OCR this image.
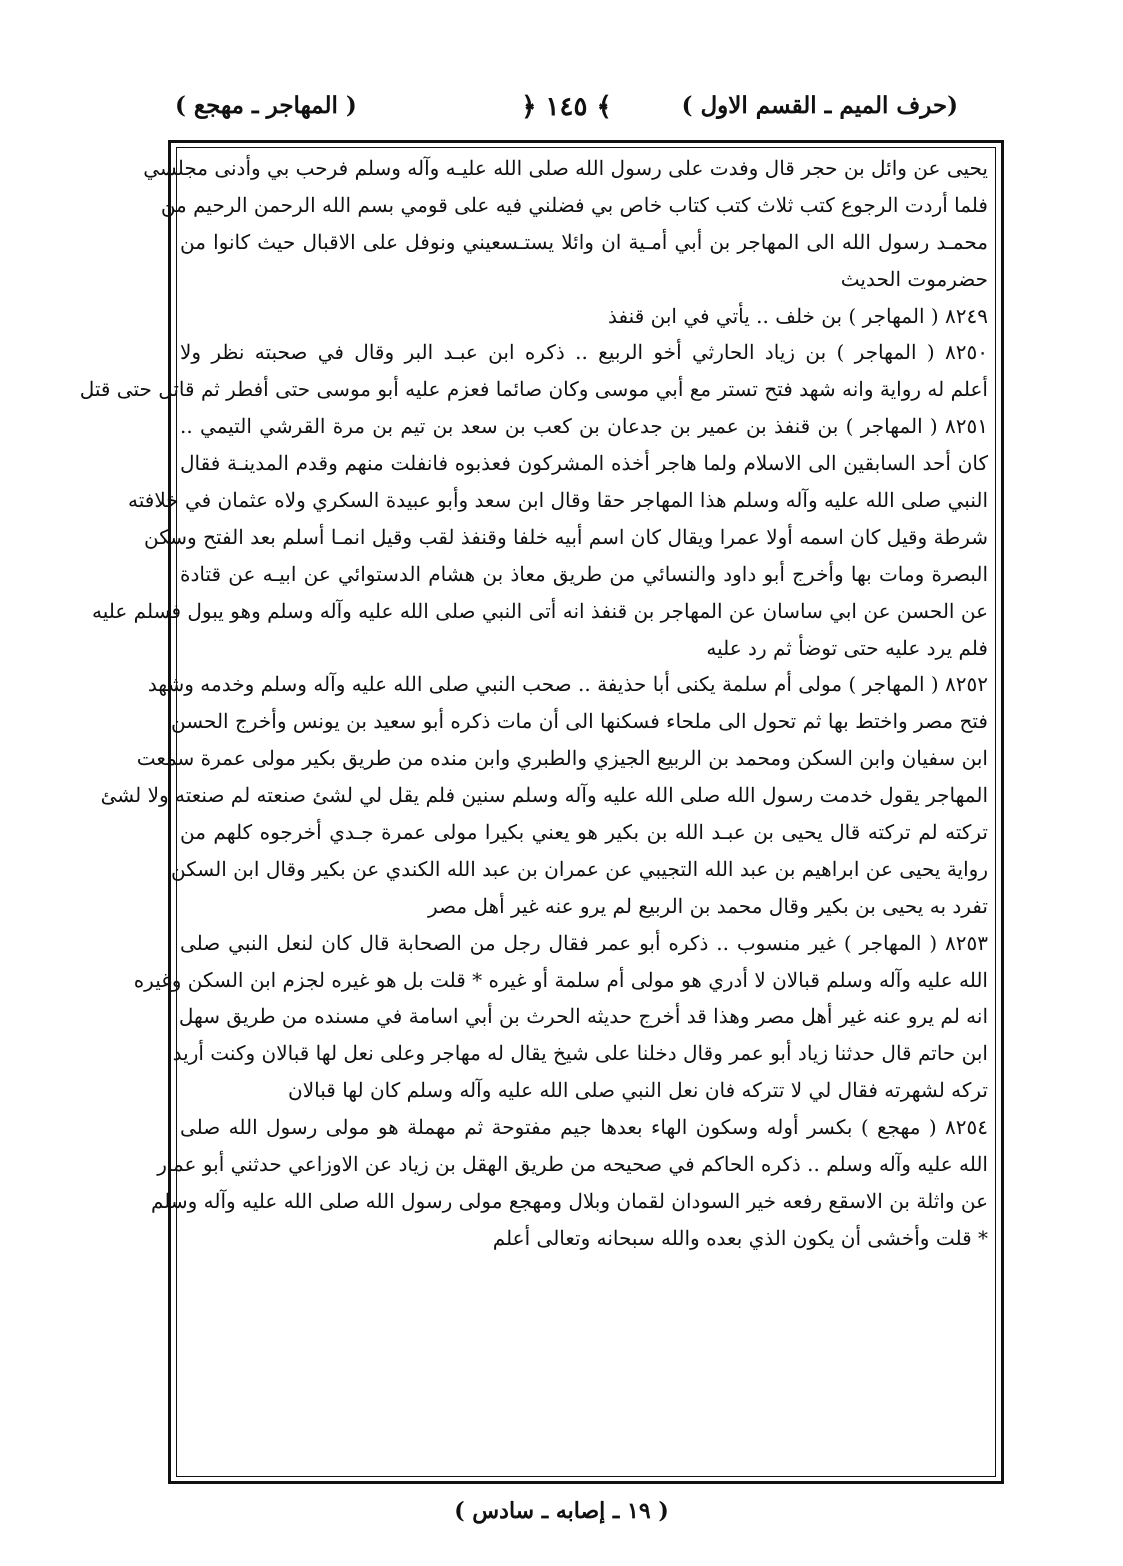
(حرف الميم ـ القسم الاول )
﴾ ١٤٥ ﴿
( المهاجر ـ مهجع )
يحيى عن وائل بن حجر قال وفدت على رسول الله صلى الله عليـه وآله وسلم فرحب بي وأدنى مجلسي
فلما أردت الرجوع كتب ثلاث كتب كتاب خاص بي فضلني فيه على قومي بسم الله الرحمن الرحيم من
محمـد رسول الله الى المهاجر بن أبي أمـية ان وائلا يستـسعيني ونوفل على الاقبال حيث كانوا من
حضرموت الحديث
٨٢٤٩ ( المهاجر ) بن خلف .. يأتي في ابن قنفذ
٨٢٥٠ ( المهاجر ) بن زياد الحارثي أخو الربيع .. ذكره ابن عبـد البر وقال في صحبته نظر ولا
أعلم له رواية وانه شهد فتح تستر مع أبي موسى وكان صائما فعزم عليه أبو موسى حتى أفطر ثم قاتل حتى قتل
٨٢٥١ ( المهاجر ) بن قنفذ بن عمير بن جدعان بن كعب بن سعد بن تيم بن مرة القرشي التيمي ..
كان أحد السابقين الى الاسلام ولما هاجر أخذه المشركون فعذبوه فانفلت منهم وقدم المدينـة فقال
النبي صلى الله عليه وآله وسلم هذا المهاجر حقا وقال ابن سعد وأبو عبيدة السكري ولاه عثمان في خلافته
شرطة وقيل كان اسمه أولا عمرا ويقال كان اسم أبيه خلفا وقنفذ لقب وقيل انمـا أسلم بعد الفتح وسكن
البصرة ومات بها وأخرج أبو داود والنسائي من طريق معاذ بن هشام الدستوائي عن ابيـه عن قتادة
عن الحسن عن ابي ساسان عن المهاجر بن قنفذ انه أتى النبي صلى الله عليه وآله وسلم وهو يبول فسلم عليه
فلم يرد عليه حتى توضأ ثم رد عليه
٨٢٥٢ ( المهاجر ) مولى أم سلمة يكنى أبا حذيفة .. صحب النبي صلى الله عليه وآله وسلم وخدمه وشهد
فتح مصر واختط بها ثم تحول الى ملحاء فسكنها الى أن مات ذكره أبو سعيد بن يونس وأخرج الحسن
ابن سفيان وابن السكن ومحمد بن الربيع الجيزي والطبري وابن منده من طريق بكير مولى عمرة سمعت
المهاجر يقول خدمت رسول الله صلى الله عليه وآله وسلم سنين فلم يقل لي لشئ صنعته لم صنعته ولا لشئ
تركته لم تركته قال يحيى بن عبـد الله بن بكير هو يعني بكيرا مولى عمرة جـدي أخرجوه كلهم من
رواية يحيى عن ابراهيم بن عبد الله التجيبي عن عمران بن عبد الله الكندي عن بكير وقال ابن السكن
تفرد به يحيى بن بكير وقال محمد بن الربيع لم يرو عنه غير أهل مصر
٨٢٥٣ ( المهاجر ) غير منسوب .. ذكره أبو عمر فقال رجل من الصحابة قال كان لنعل النبي صلى
الله عليه وآله وسلم قبالان لا أدري هو مولى أم سلمة أو غيره * قلت بل هو غيره لجزم ابن السكن وغيره
انه لم يرو عنه غير أهل مصر وهذا قد أخرج حديثه الحرث بن أبي اسامة في مسنده من طريق سهل
ابن حاتم قال حدثنا زياد أبو عمر وقال دخلنا على شيخ يقال له مهاجر وعلى نعل لها قبالان وكنت أريد
تركه لشهرته فقال لي لا تتركه فان نعل النبي صلى الله عليه وآله وسلم كان لها قبالان
٨٢٥٤ ( مهجع ) بكسر أوله وسكون الهاء بعدها جيم مفتوحة ثم مهملة هو مولى رسول الله صلى
الله عليه وآله وسلم .. ذكره الحاكم في صحيحه من طريق الهقل بن زياد عن الاوزاعي حدثني أبو عمار
عن واثلة بن الاسقع رفعه خير السودان لقمان وبلال ومهجع مولى رسول الله صلى الله عليه وآله وسلم
* قلت وأخشى أن يكون الذي بعده والله سبحانه وتعالى أعلم
( ١٩ ـ إصابه ـ سادس )
